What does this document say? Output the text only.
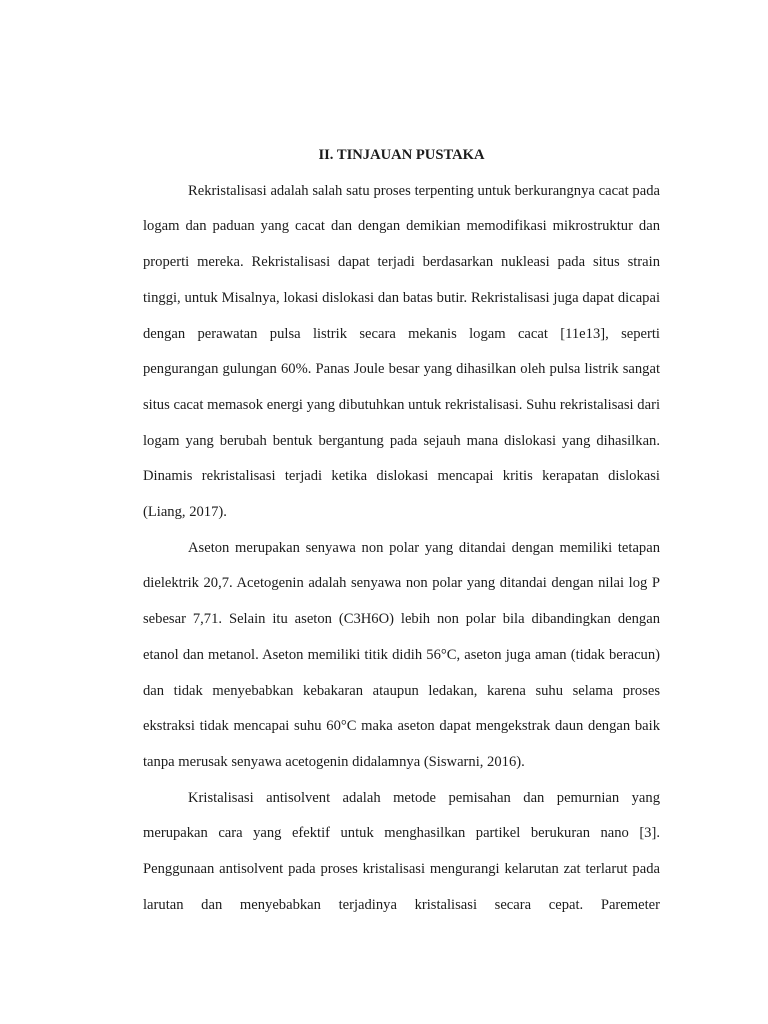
II. TINJAUAN PUSTAKA

Rekristalisasi adalah salah satu proses terpenting untuk berkurangnya cacat pada logam dan paduan yang cacat dan dengan demikian memodifikasi mikrostruktur dan properti mereka. Rekristalisasi dapat terjadi berdasarkan nukleasi pada situs strain tinggi, untuk Misalnya, lokasi dislokasi dan batas butir. Rekristalisasi juga dapat dicapai dengan perawatan pulsa listrik secara mekanis logam cacat [11e13], seperti pengurangan gulungan 60%. Panas Joule besar yang dihasilkan oleh pulsa listrik sangat situs cacat memasok energi yang dibutuhkan untuk rekristalisasi. Suhu rekristalisasi dari logam yang berubah bentuk bergantung pada sejauh mana dislokasi yang dihasilkan. Dinamis rekristalisasi terjadi ketika dislokasi mencapai kritis kerapatan dislokasi (Liang, 2017).

Aseton merupakan senyawa non polar yang ditandai dengan memiliki tetapan dielektrik 20,7. Acetogenin adalah senyawa non polar yang ditandai dengan nilai log P sebesar 7,71. Selain itu aseton (C3H6O) lebih non polar bila dibandingkan dengan etanol dan metanol. Aseton memiliki titik didih 56°C, aseton juga aman (tidak beracun) dan tidak menyebabkan kebakaran ataupun ledakan, karena suhu selama proses ekstraksi tidak mencapai suhu 60°C maka aseton dapat mengekstrak daun dengan baik tanpa merusak senyawa acetogenin didalamnya (Siswarni, 2016).

Kristalisasi antisolvent adalah metode pemisahan dan pemurnian yang merupakan cara yang efektif untuk menghasilkan partikel berukuran nano [3]. Penggunaan antisolvent pada proses kristalisasi mengurangi kelarutan zat terlarut pada larutan dan menyebabkan terjadinya kristalisasi secara cepat. Paremeter
